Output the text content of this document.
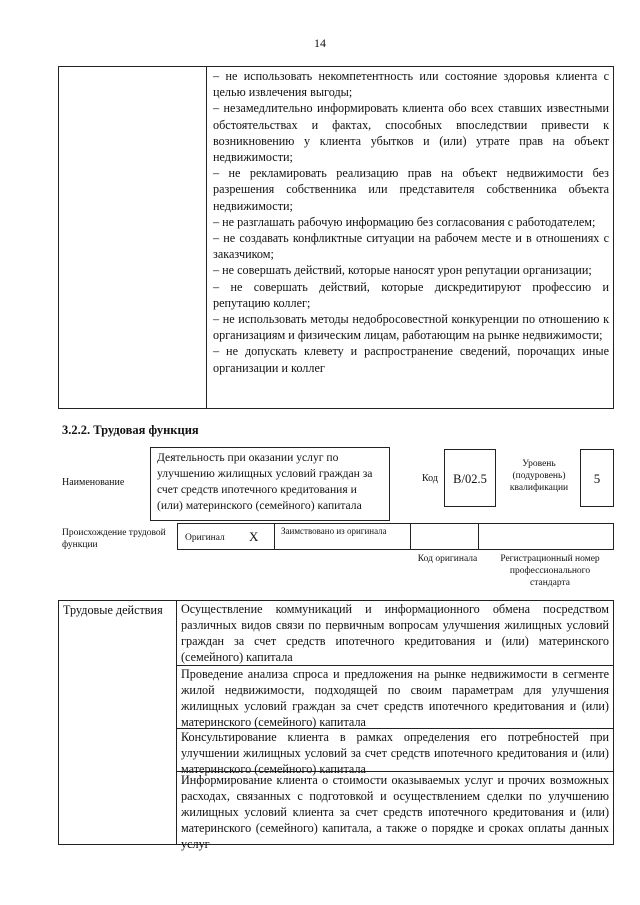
14

– не использовать некомпетентность или состояние здоровья клиента с целью извлечения выгоды;

– незамедлительно информировать клиента обо всех ставших известными обстоятельствах и фактах, способных впоследствии привести к возникновению у клиента убытков и (или) утрате прав на объект недвижимости;

– не рекламировать реализацию прав на объект недвижимости без разрешения собственника или представителя собственника объекта недвижимости;

– не разглашать рабочую информацию без согласования с работодателем;

– не создавать конфликтные ситуации на рабочем месте и в отношениях с заказчиком;

– не совершать действий, которые наносят урон репутации организации;

– не совершать действий, которые дискредитируют профессию и репутацию коллег;

– не использовать методы недобросовестной конкуренции по отношению к организациям и физическим лицам, работающим на рынке недвижимости;

– не допускать клевету и распространение сведений, порочащих иные организации и коллег

3.2.2. Трудовая функция
Наименование
Деятельность при оказании услуг по улучшению жилищных условий граждан за счет средств ипотечного кредитования и (или) материнского (семейного) капитала
Код	B/02.5
Уровень (подуровень) квалификации
5
Происхождение трудовой функции
Оригинал X	Заимствовано из оригинала
Код оригинала	Регистрационный номер профессионального стандарта
Трудовые действия	Осуществление коммуникаций и информационного обмена посредством различных видов связи по первичным вопросам улучшения жилищных условий граждан за счет средств ипотечного кредитования и (или) материнского (семейного) капитала
Проведение анализа спроса и предложения на рынке недвижимости в сегменте жилой недвижимости, подходящей по своим параметрам для улучшения жилищных условий граждан за счет средств ипотечного кредитования и (или) материнского (семейного) капитала
Консультирование клиента в рамках определения его потребностей при улучшении жилищных условий за счет средств ипотечного кредитования и (или) материнского (семейного) капитала
Информирование клиента о стоимости оказываемых услуг и прочих возможных расходах, связанных с подготовкой и осуществлением сделки по улучшению жилищных условий клиента за счет средств ипотечного кредитования и (или) материнского (семейного) капитала, а также о порядке и сроках оплаты данных услуг
